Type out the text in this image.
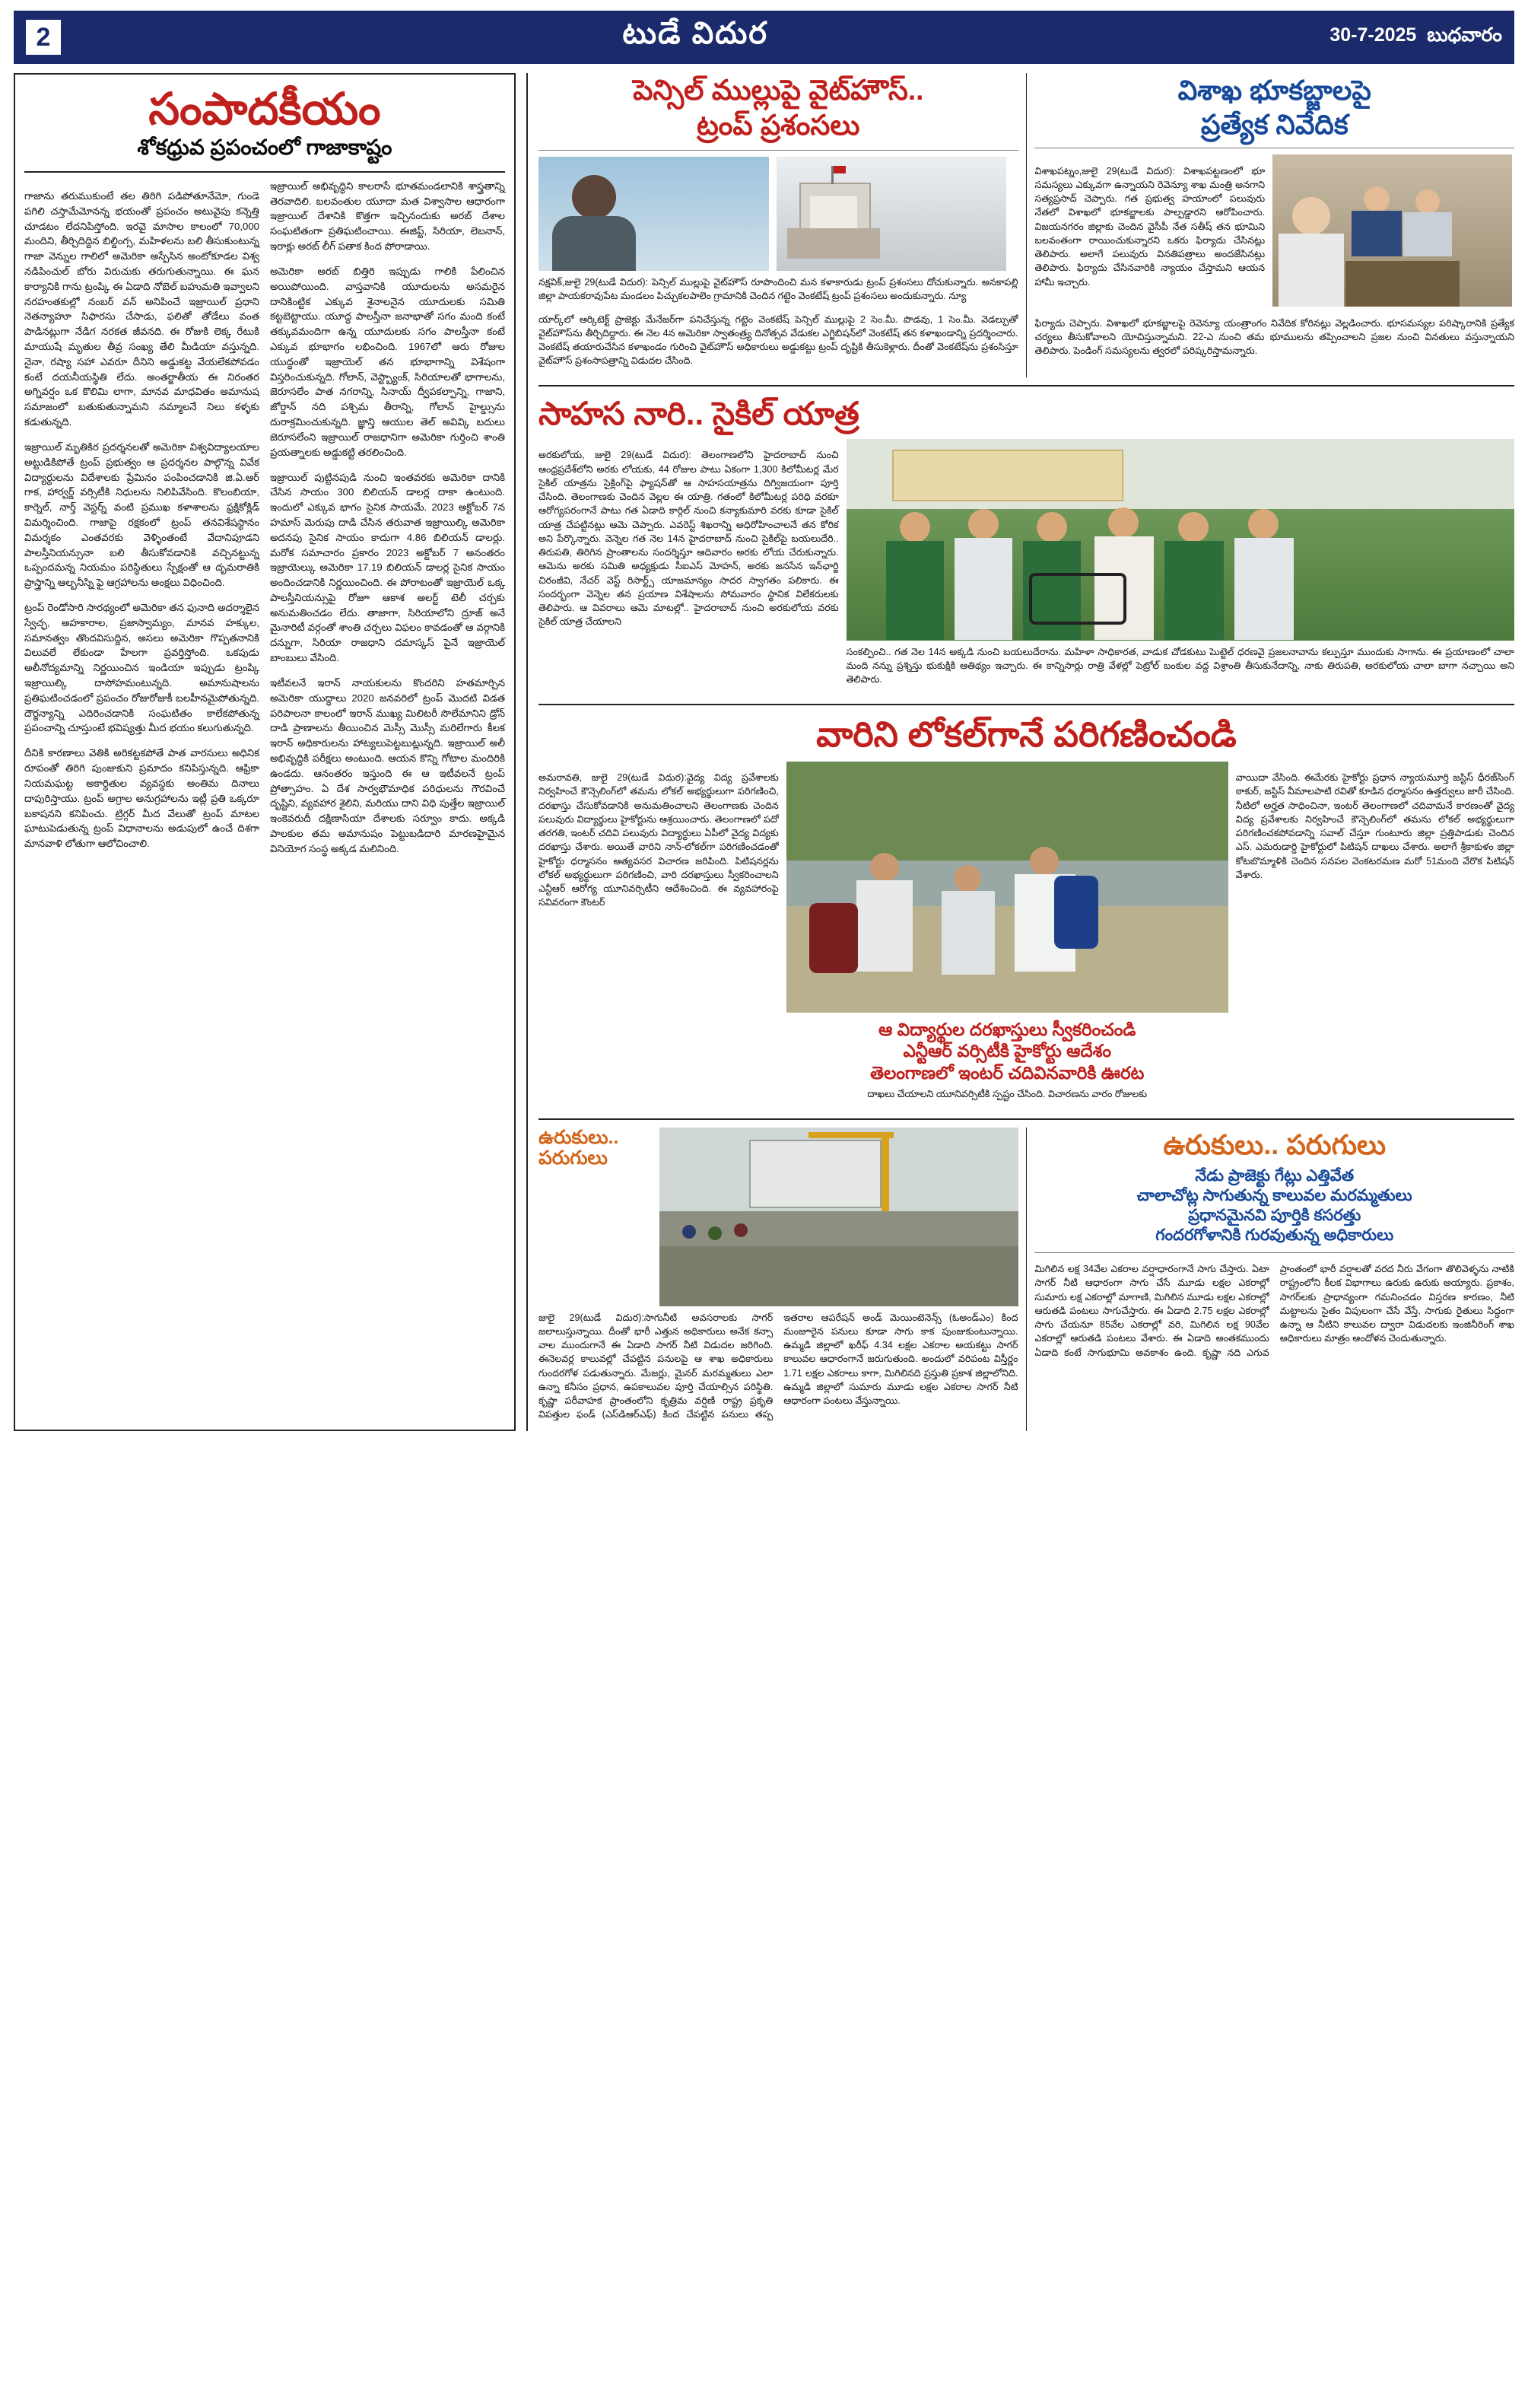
2	టుడే విదుర	30-7-2025 బుధవారం
సంపాదకీయం
శోకధ్రువ ప్రపంచంలో గాజాకాష్టం

గాజాను తరుముకుంటే తల తిరిగి పడిపోతూనేమో, గుండె పగిలి చస్తామేమోనన్న భయంతో ప్రపంచం అటువైపు కన్నెత్తి చూడటం లేదనిపిస్తోంది. ఇరవై మాసాల కాలంలో 70,000 మందిని, తీర్చిదిద్దిన బిల్డింగ్స, మహిళలను బలి తీసుకుంటున్న గాజా వెన్నుల గాలిలో అమెరికా అస్పేసిన అంటోకూడల విశ్వ నడిపించుల్ బోరు విరుచుకు తరుగుతున్నాయి. ఈ ఘన కార్యానికి గాను ట్రంప్కి ఈ ఏడాది నోబెల్ బహుమతి ఇవ్వాలని నరహంతకుల్లో నంబర్ వన్ అనిపించే ఇజ్రాయిల్ ప్రధాని నెతన్యాహూ సిఫారసు చేసాడు, ఫలితో తోడేలు వంత పాడినట్లుగా నేడిగ నరకత జీవనది. ఈ రోజుకి లెక్క రేటుకి మాయుషే మృతుల తీవ్ర సంఖ్య తేలి మీడియా వస్తున్నది. నైనా, రష్యా సహా ఎవరూ దీనిని అడ్డుకట్ట వేయలేకపోవడం కంటే దయనీయస్థితి లేదు. అంతర్జాతీయ ఈ నిరంతర అగ్నివర్షం ఒక కొలిమి లాగా, మానవ మాధవితం అమానుష సమాజంలో బతుకుతున్నామని నమ్మాలనే నిలు కళ్ళకు కడుతున్నది.

ఇజ్రాయిల్ మృతికిర ప్రదర్శనలతో అమెరికా విశ్వవిద్యాలయాల అట్టుడికిపోతే ట్రంప్ ప్రభుత్వం ఆ ప్రదర్శనల పాల్గొన్న వివేక విద్యార్థులను విదేశాలకు ప్రేమినం పంపించడానికి జి.ఏ.ఆర్ గాక, హార్వర్డ్ వర్సిటీకి నిధులను నిలిపివేసింది. కొలంబియా, కార్నెల్, నార్త్ వెస్టర్న్ వంటి ప్రముఖ కళాశాలను ఫ్రక్షికోక్లిడ్ విమర్శించింది. గాజాపై రక్షకంలో ట్రంప్ తనవిశేషస్థానం విమర్శకం ఎంతవరకు వెళ్ళింతంటే వేదానిపూడని పాలస్తీనియన్సునా బలి తీసుకోవడానికి వచ్చినట్టున్న ఒప్పందమన్న నియమం పరిస్థితులు స్పేక్షంతో ఆ దృమరాతికి ప్రాస్త్రాన్ని ఆల్బనీస్ని ఫై ఆగ్రహాలను అంక్షలు విధించింది.

ట్రంప్ రెండోసారి సారథ్యంలో అమెరికా తన ఫునాది అదర్శాలైన స్వేచ్ఛ, అహకారాల, ప్రజాస్వామ్యం, మానవ హక్కుల, సమానత్వం తొందవిసుద్దిన, అసలు అమెరికా గొప్పతనానికి విలువలే లేకుండా హేలగా ప్రవర్తిస్తోంది. ఒకపుడు అలీనోద్యమాన్ని నిర్ణయించిన ఇండియా ఇప్పుడు ట్రంప్కి ఇజ్రాయిల్కి దాసోహమంటున్నది. అమానుషాలను ప్రతిఘటించడంలో ప్రపంచం రోజురోజుకీ బలహీనమైపోతున్నది. దౌర్జన్యాన్ని ఎదిరించడానికి సంఘటితం కాలేకపోతున్న ప్రపంచాన్ని చూస్తుంటే భవిష్యత్తు మీద భయం కలుగుతున్నది.

దీనికి కారణాలు వెతికి అరికట్టకపోతే పాత వారసులు అధినిక రూపంతో తిరిగి పుంజుకుని ప్రమాదం కనిపిస్తున్నది. ఆఫ్రికా నియమఘట్ట అకార్థితుల వ్యవస్థకు అంతిమ దినాలు దాపురిస్తాయు. ట్రంప్ అగ్రాల అనుగ్రహాలను ఇట్లీ ప్రతి ఒక్కరూ బకాషనని కనిపించు. ట్రిగ్గర్ మీద వేలుతో ట్రంప్ మాటల ఘాటుపెడుతున్న ట్రంప్ విధానాలను అడుపులో ఉంచే దిశగా మానవాళి లోతుగా ఆలోచించాలి.

ఇజ్రాయిల్ అభివృద్ధిని కాలరాసే భూతమండలానికి శాస్త్రతాన్ని తెరవాదిలి. బలవంతుల యూదా మత విశ్వాసాల ఆధారంగా ఇజ్రాయిల్ దేశానికి కొత్తగా ఇచ్చినందుకు అరబ్ దేశాల సంఘటితంగా ప్రతిఘటించాయి. ఈజిప్ట్, సిరియా, లెబనాన్, ఇరాక్లు అరబ్ లీగ్ పతాక కింద పోరాడాయి.

అమెరికా అరబ్ బిత్తిరి ఇప్పుడు గాలికి పేలించిన అయిపోయింది. వాస్తవానికి యూదులను అసమరైన దానికింట్టిక ఎక్కువ శైనాలనైన యూదులకు సమితి కట్టబెట్టాయు. యూద్ధ పాలస్తీనా జనాభాతో సగం మంది కంటే తక్కువమందిగా ఉన్న యూదులకు సగం పాలస్తీనా కంటే ఎక్కువ భూభాగం లభించింది. 1967లో ఆరు రోజుల యుద్ధంతో ఇజ్రాయెల్ తన భూభాగాన్ని విశేషంగా విస్తరించుకున్నది. గోలాన్, వెస్ట్బ్యాంక్, సిరియాలతో భాగాలను, జెరూసలేం పాత నగరాన్ని, సినాయ్ ద్వీపకల్పాన్ని, గాజాని, జోర్డాన్ నది పశ్చిమ తీరాన్ని, గోలాన్ హైల్డ్సును దురాక్రమించుకున్నది. జ్ఞాన్తి ఆయుల తెల్ అవివ్కి బదులు జెరూసలేంని ఇజ్రాయిల్ రాజధానిగా అమెరికా గుర్తించి శాంతి ప్రయత్నాలకు అడ్డుకట్టి తరలించింది.

ఇజ్రాయిల్ పుట్టినపుడి నుంచి ఇంతవరకు అమెరికా దానికి చేసిన సాయం 300 బిలియన్ డాలర్ల దాకా ఉంటుంది. ఇందులో ఎక్కువ భాగం సైనిక సాయమే. 2023 అక్టోబర్ 7న హమాస్ మెరుపు దాడి చేసిన తరువాత ఇజ్రాయిల్కి అమెరికా అదనపు సైనిక సాయం కాదుగా 4.86 బిలియన్ డాలర్లు. మరోక సమాచారం ప్రకారం 2023 అక్టోబర్ 7 అనంతరం ఇజ్రాయెల్కు అమెరికా 17.19 బిలియన్ డాలర్ల సైనిక సాయం అందించడానికి నిర్ణయించింది. ఈ పోరాటంతో ఇజ్రాయెల్ ఒక్క పాలస్తీనియన్సుపై రోజూ ఆకాశ అలర్ట్ టెలీ చర్చకు అనుమతించడం లేదు. తాజాగా, సిరియాలోని ద్రూజ్ అనే మైనారిటీ వర్గంతో శాంతి చర్చలు విఫలం కావడంతో ఆ వర్గానికి దన్నుగా, సిరియా రాజధాని దమాస్కస్ పైనే ఇజ్రాయెల్ బాంబులు వేసింది.

ఇటీవలనే ఇరాన్ నాయకులను కొందరిని హతమార్చిన అమెరికా యుద్ధాలు 2020 జనవరిలో ట్రంప్ మొదటి విడత పరిపాలనా కాలంలో ఇరాన్ ముఖ్య మిలిటరీ సొలేమానిని డ్రోన్ దాడి ప్రాణాలను తీయించిన మెస్సీ మొస్సీ మరిలేగారు కీలక ఇరాన్ అధికారులను హాట్యలుపెట్టబుట్లున్నది. ఇజ్రాయిల్ అలీ అభివృద్ధికి పరీక్షలు అంటుంది. ఆయన కొన్ని గోటాల మందిరికి ఉండదు. ఆనంతరం ఇస్తుంది ఈ ఆ ఇటీవలనే ట్రంప్ ప్రోత్సాహం. ఏ దేశ సార్వభౌమాధిక పరిధులను గౌరవించే దృష్టిని, వ్యవహార శైలిని, మరియు దాని విధి పుత్తేల ఇజ్రాయిల్ ఇంకెవరుదీ దక్షిణాసియా దేశాలకు సర్వూం కాదు. అక్కడి పాలకుల తమ అమానుషం పెట్టుబడిదారి మారణహైమైన వినియోగ సంస్థ అక్కడ మలినింది.

పెన్సిల్ ముల్లుపై వైట్‌హౌస్..
ట్రంప్ ప్రశంసలు

నక్షవిక్,జులై 29(టుడే విదుర): పెన్సిల్ ముల్లుపై వైట్‌హౌస్ రూపొందించి మన కళాకారుడు ట్రంప్ ప్రశంసలు దోచుకున్నారు. అనకాపల్లి జిల్లా పాయకరావుపేట మండలం పిచ్చుకలపాలెం గ్రామానికి చెందిన గట్టెం వెంకటేష్ ట్రంప్ ప్రశంసలు అందుకున్నారు. న్యూ

యార్క్‌లో ఆర్కిటెక్ట్ ప్రాజెక్టు మేనేజర్‌గా పనిచేస్తున్న గట్టెం వెంకటేష్ పెన్సిల్ ముల్లుపై 2 సెం.మీ. పొడవు, 1 సెం.మీ. వెడల్పుతో వైట్‌హౌస్‌ను తీర్చిదిద్దారు. ఈ నెల 4న అమెరికా స్వాతంత్ర్య దినోత్సవ వేడుకల ఎగ్జిబిషన్‌లో వెంకటేష్ తన కళాఖండాన్ని ప్రదర్శించారు. వెంకటేష్ తయారుచేసిన కళాఖండం గురించి వైట్‌హౌస్ అధికారులు అడ్డుకట్టు ట్రంప్ దృష్టికి తీసుకెళ్లారు. దీంతో వెంకటేష్‌ను ప్రశంసిస్తూ వైట్‌హౌస్ ప్రశంసాపత్రాన్ని విడుదల చేసింది.

విశాఖ భూకబ్జాలపై
ప్రత్యేక నివేదిక

విశాఖపట్నం,జులై 29(టుడే విదుర): విశాఖపట్టణంలో భూ సమస్యలు ఎక్కువగా ఉన్నాయని రెవెన్యూ శాఖ మంత్రి అనగాని సత్యప్రసాద్ చెప్పారు. గత ప్రభుత్వ హయాంలో పలువురు నేతలో విశాఖలో భూకబ్జాలకు పాల్పడ్డారని ఆరోపించారు. విజయనగరం జిల్లాకు చెందిన వైసీపీ నేత సతీష్ తన భూమిని బలవంతంగా రాయించుకున్నారని ఒకరు ఫిర్యాదు చేసినట్లు తెలిపారు. అలాగే పలువురు వినతిపత్రాలు అందజేసినట్లు తెలిపారు. ఫిర్యాదు చేసినవారికి న్యాయం చేస్తామని ఆయన హామీ ఇచ్చారు.

ఫిర్యాదు చెప్పారు. విశాఖలో భూకబ్జాలపై రెవెన్యూ యంత్రాంగం నివేదిక కోరినట్లు వెల్లడించారు. భూసమస్యల పరిష్కారానికి ప్రత్యేక చర్యలు తీసుకోవాలని యోచిస్తున్నామని. 22-ఎ నుంచి తమ భూములను తప్పించాలని ప్రజల నుంచి వినతులు వస్తున్నాయని తెలిపారు. పెండింగ్ సమస్యలను త్వరలో పరిష్కరిస్తామన్నారు.

సాహస నారి.. సైకిల్ యాత్ర

అరకులోయ, జులై 29(టుడే విదుర): తెలంగాణలోని హైదరాబాద్ నుంచి ఆంధ్రప్రదేశ్‌లోని అరకు లోయకు, 44 రోజుల పాటు ఏకంగా 1,300 కిలోమీటర్ల మేర సైకిల్ యాత్రను సైక్లింగ్‌పై ఫ్యాషన్‌తో ఆ సాహసయాత్రను దిగ్విజయంగా పూర్తి చేసింది. తెలంగాణకు చెందిన వెల్లల ఈ యాత్రి. గతంలో కిలోమీటర్ల పరిధి వరకూ ఆరోగ్యపరంగానే పాటు గత ఏడాది కార్గిల్ నుంచి కన్యాకుమారి వరకు కూడా సైకిల్ యాత్ర చేపట్టినట్లు ఆమె చెప్పారు. ఎవరెస్ట్ శిఖరాన్ని అధిరోహించాలనే తన కోరిక అని పేర్కొన్నారు. వెన్నెల గత నెల 14న హైదరాబాద్ నుంచి సైకిల్‌పై బయలుదేరి.. తిరుపతి, తిరిగిన ప్రాంతాలను సందర్శిస్తూ ఆదివారం అరకు లోయ చేరుకున్నారు. ఆమెను అరకు సమితి అధ్యక్షుడు సీఐఎస్ మోహన్, అరకు జనసేన ఇన్‌ఛార్జి చిరంజీవి, నేచర్ వెస్ట్ రిసార్ట్స్ యాజమాన్యం సాదర స్వాగతం పలికారు. ఈ సందర్భంగా వెన్నెల తన ప్రయాణ విశేషాలను సోమవారం స్థానిక విలేకరులకు తెలిపారు. ఆ వివరాలు ఆమె మాటల్లో.. హైదరాబాద్ నుంచి అరకులోయ వరకు సైకిల్ యాత్ర చేయాలని

సంకల్పించి.. గత నెల 14న అక్కడి నుంచి బయలుదేరాను. మహిళా సాధికారత, వాడుక చోడకుటు పెుట్టెల్ ధరణవై ప్రజలనావాను కల్పుస్తూ ముందుకు సాగాను. ఈ ప్రయాణంలో చాలా మంది నన్ను ప్రశ్నిస్తు భుకుక్షికి ఆతిథ్యం ఇచ్చారు. ఈ కాన్నిసార్లు రాత్రి వేళల్లో పెట్రోల్ బంకుల వద్ద విశ్రాంతి తీసుకునేదాన్ని, నాకు తిరుపతి, అరకులోయ చాలా బాగా నచ్చాయి అని తెలిపారు.

వారిని లోకల్‌గానే పరిగణించండి

అమరావతి, జులై 29(టుడే విదుర):వైద్య విద్య ప్రవేశాలకు నిర్వహించే కౌన్సెలింగ్‌లో తమను లోకల్ అభ్యర్థులుగా పరిగణించి, దరఖాస్తు చేసుకోవడానికి అనుమతించాలని తెలంగాణకు చెందిన పలువురు విద్యార్థులు హైకోర్టును ఆశ్రయించారు. తెలంగాణలో పదో తరగతి, ఇంటర్ చదివి పలువురు విద్యార్థులు ఏపీలో వైద్య విద్యకు దరఖాస్తు చేశారు. అయితే వారిని నాన్-లోకల్‌గా పరిగణించడంతో హైకోర్టు ధర్మాసనం ఆత్యవసర విచారణ జరిపింది. పిటిషనర్లను లోకల్ అభ్యర్థులుగా పరిగణించి, వారి దరఖాస్తులు స్వీకరించాలని ఎన్టీఆర్ ఆరోగ్య యూనివర్సిటీని ఆదేశించింది. ఈ వ్యవహారంపై సవివరంగా కౌంటర్

ఆ విద్యార్థుల దరఖాస్తులు స్వీకరించండి
ఎన్టీఆర్ వర్సిటీకి హైకోర్టు ఆదేశం
తెలంగాణలో ఇంటర్ చదివినవారికి ఊరట

దాఖలు చేయాలని యూనివర్సిటీకి స్పష్టం చేసింది. విచారణను వారం రోజులకు

వాయిదా వేసింది. ఈమేరకు హైకోర్టు ప్రధాన న్యాయమూర్తి జస్టిస్ ధీరజ్‌సింగ్ ఠాకుర్, జస్టిస్ వీమాలపాటి రవితో కూడిన ధర్మాసనం ఉత్తర్వులు జారీ చేసింది. నీటిలో అర్హత సాధించినా, ఇంటర్ తెలంగాణలో చదివామనే కారణంతో వైద్య విద్య ప్రవేశాలకు నిర్వహించే కౌన్సెలింగ్‌లో తమను లోకల్ అభ్యర్థులుగా పరిగణించకపోవడాన్ని సవాల్ చేస్తూ గుంటూరు జిల్లా ప్రత్తిపాడుకు చెందిన ఎస్. ఎమరుడార్డి హైకోర్టులో పిటిషన్ దాఖలు చేశారు. అలాగే శ్రీకాకుళం జిల్లా కోటబొమ్మాళికి చెందిన సనపల వెంకటరమణ మరో 51మంది వేరొక పిటిషన్ వేశారు.

ఉరుకులు..
పరుగులు

జులై 29(టుడే విదుర):సాగునీటి అవసరాలకు సాగర్ జలాలుస్తున్నాయి. దీంతో భారీ ఎత్తున అధికారులు అనేక కన్సా వాల ముందుగానే ఈ ఏడాది సాగర్ నీటి విడుదల జరిగింది. ఈనెలవర్ల కాలువల్లో చేపట్టిన పనులపై ఆ శాఖ అధికారులు గుందరగోళ పడుతున్నారు. మేజర్లు, మైనర్ మరమ్మతులు ఎలా ఉన్నా కనీసం ప్రధాన, ఉపకాలువల పూర్తి చేయాల్సిన పరిస్థితి. కృష్ణా పరీవాహక ప్రాంతంలోని కృత్రిమ వర్షిణి రాష్ట్ర ప్రకృతి విపత్తుల ఫండ్ (ఎస్‌డిఆర్‌ఎఫ్) కింద చేపట్టిన పనులు తప్ప ఇతరాల ఆపరేషన్ అండ్ మెయింటెనెన్స్ (ఓఅండ్ఎం) కింద మంజూరైన పనులు కూడా సాగు కాక పుంజుకుంటున్నాయి. ఉమ్మడి జిల్లాలో ఖరీఫ్ 4.34 లక్షల ఎకరాల అయకట్టు సాగర్ కాలువల ఆధారంగానే జరుగుతుంది. అందులో వరిపంట విస్తీర్ణం 1.71 లక్షల ఎకరాలు కాగా, మిగిలినది ప్రస్తుతి ప్రకాశ జిల్లాలోనిది. ఉమ్మడి జిల్లాలో సుమారు మూడు లక్షల ఎకరాల సాగర్ నీటి ఆధారంగా పంటలు వేస్తున్నాయి.

ఉరుకులు.. పరుగులు
నేడు ప్రాజెక్టు గేట్లు ఎత్తివేత
చాలాచోట్ల సాగుతున్న కాలువల మరమ్మతులు
ప్రధానమైనవి పూర్తికి కసరత్తు
గందరగోళానికి గురవుతున్న అధికారులు

మిగిలిన లక్ష 34వేల ఎకరాల వర్షాధారంగానే సాగు చేస్తారు. ఏటా సాగర్ నీటి ఆధారంగా సాగు చేసే మూడు లక్షల ఎకరాల్లో సుమారు లక్ష ఎకరాల్లో మాగాణి, మిగిలిన మూడు లక్షల ఎకరాల్లో ఆరుతడి పంటలు సాగుచేస్తారు. ఈ ఏడాది 2.75 లక్షల ఎకరాల్లో సాగు చేయనూ 85వేల ఎకరాల్లో వరి, మిగిలిన లక్ష 90వేల ఎకరాల్లో ఆరుతడి పంటలు వేశారు. ఈ ఏడాది అంతకముందు ఏడాది కంటే సాగుభూమి అవకాశం ఉంది. కృష్ణా నది ఎగువ ప్రాంతంలో భారీ వర్షాలతో వరద నీరు వేగంగా తొలివెళ్ళను నాటికి రాష్ట్రంలోని కీలక విభాగాలు ఉరుకు ఉరుకు అయ్యారు. ప్రకాశం, సాగర్‌లకు ప్రాధాన్యంగా గమనించడం విస్తరణ కారణం, నీటి మట్టాలను సైతం విపులంగా చేసే వేస్తే, సాగుకు రైతులు సిద్ధంగా ఉన్నా ఆ నీటిని కాలువల ద్వారా విడుదలకు ఇంజినీరింగ్ శాఖ అధికారులు మాత్రం ఆందోళన చెందుతున్నారు.
